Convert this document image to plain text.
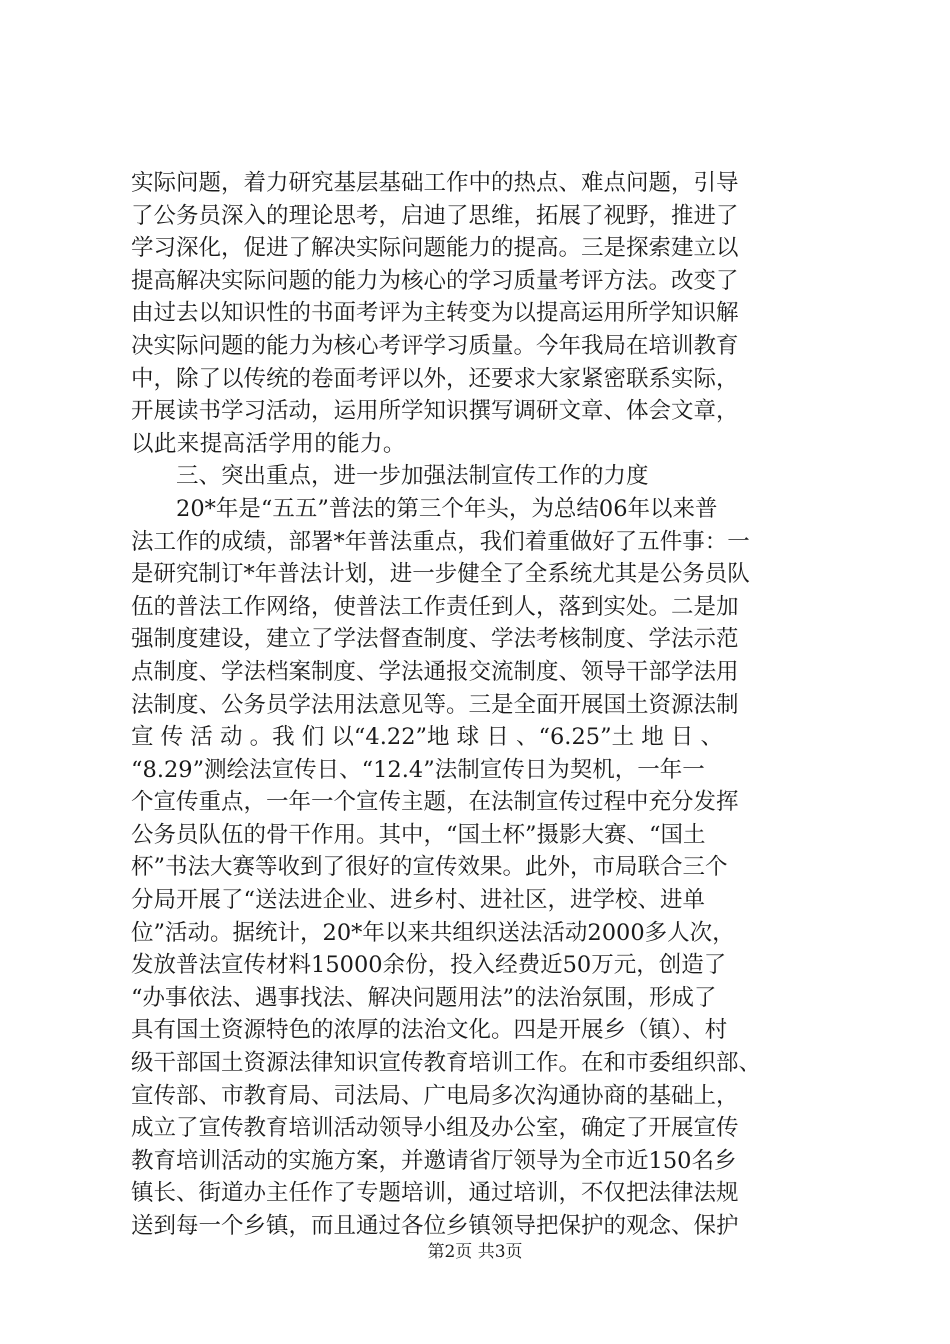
实际问题，着力研究基层基础工作中的热点、难点问题，引导
了公务员深入的理论思考，启迪了思维，拓展了视野，推进了
学习深化，促进了解决实际问题能力的提高。三是探索建立以
提高解决实际问题的能力为核心的学习质量考评方法。改变了
由过去以知识性的书面考评为主转变为以提高运用所学知识解
决实际问题的能力为核心考评学习质量。今年我局在培训教育
中，除了以传统的卷面考评以外，还要求大家紧密联系实际，
开展读书学习活动，运用所学知识撰写调研文章、体会文章，
以此来提高活学用的能力。
　　三、突出重点，进一步加强法制宣传工作的力度
　　20*年是“五五”普法的第三个年头，为总结06年以来普
法工作的成绩，部署*年普法重点，我们着重做好了五件事：一
是研究制订*年普法计划，进一步健全了全系统尤其是公务员队
伍的普法工作网络，使普法工作责任到人，落到实处。二是加
强制度建设，建立了学法督查制度、学法考核制度、学法示范
点制度、学法档案制度、学法通报交流制度、领导干部学法用
法制度、公务员学法用法意见等。三是全面开展国土资源法制
宣 传 活 动 。我 们 以“4.22”地 球 日 、“6.25”土 地 日 、
“8.29”测绘法宣传日、“12.4”法制宣传日为契机，一年一
个宣传重点，一年一个宣传主题，在法制宣传过程中充分发挥
公务员队伍的骨干作用。其中，“国土杯”摄影大赛、“国土
杯”书法大赛等收到了很好的宣传效果。此外，市局联合三个
分局开展了“送法进企业、进乡村、进社区，进学校、进单
位”活动。据统计，20*年以来共组织送法活动2000多人次，
发放普法宣传材料15000余份，投入经费近50万元，创造了
“办事依法、遇事找法、解决问题用法”的法治氛围，形成了
具有国土资源特色的浓厚的法治文化。四是开展乡（镇）、村
级干部国土资源法律知识宣传教育培训工作。在和市委组织部、
宣传部、市教育局、司法局、广电局多次沟通协商的基础上，
成立了宣传教育培训活动领导小组及办公室，确定了开展宣传
教育培训活动的实施方案，并邀请省厅领导为全市近150名乡
镇长、街道办主任作了专题培训，通过培训，不仅把法律法规
送到每一个乡镇，而且通过各位乡镇领导把保护的观念、保护
第2页 共3页
